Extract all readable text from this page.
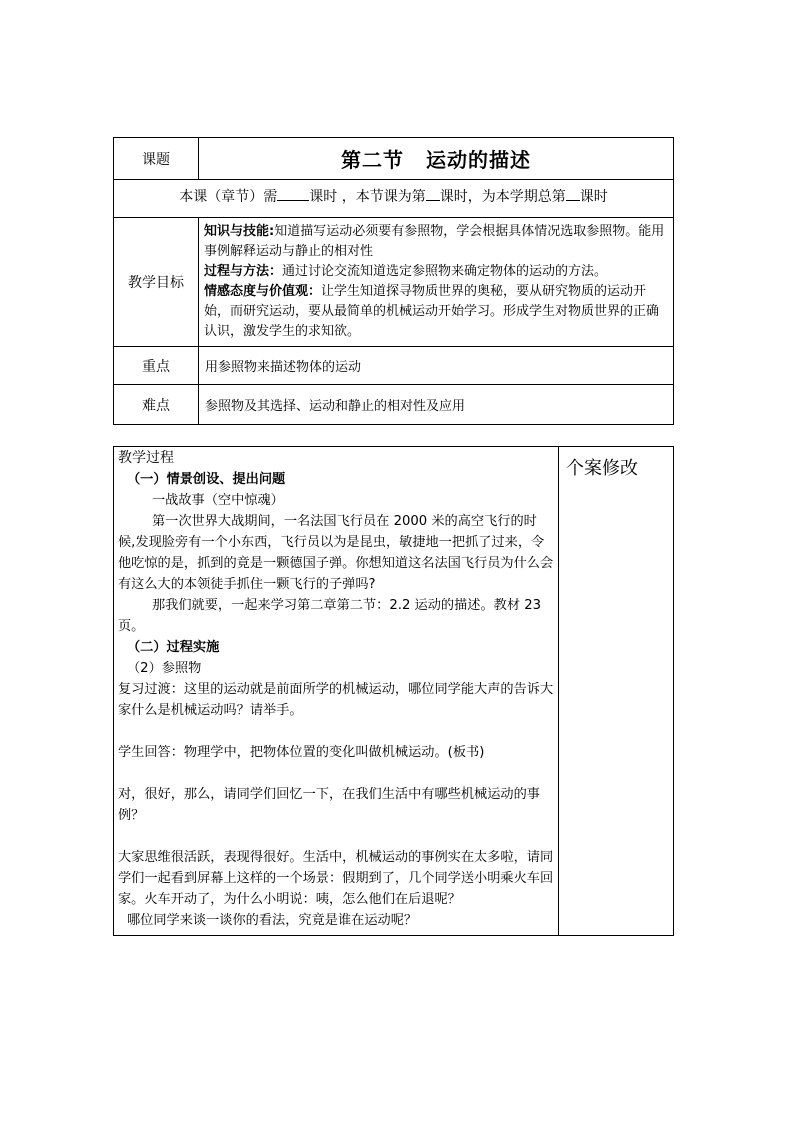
课题	第二节 运动的描述
本课（章节）需 课时 ，本节课为第 课时，为本学期总第 课时	
教学目标	知识与技能:知道描写运动必须要有参照物，学会根据具体情况选取参照物。能用事例解释运动与静止的相对性
过程与方法：通过讨论交流知道选定参照物来确定物体的运动的方法。
情感态度与价值观：让学生知道探寻物质世界的奥秘，要从研究物质的运动开始，而研究运动，要从最简单的机械运动开始学习。形成学生对物质世界的正确认识，激发学生的求知欲。

重点	用参照物来描述物体的运动
难点	参照物及其选择、运动和静止的相对性及应用

教学过程

（一）情景创设、提出问题

一战故事（空中惊魂）

第一次世界大战期间，一名法国飞行员在 2000 米的高空飞行的时候,发现脸旁有一个小东西，飞行员以为是昆虫，敏捷地一把抓了过来，令他吃惊的是，抓到的竟是一颗德国子弹。你想知道这名法国飞行员为什么会有这么大的本领徒手抓住一颗飞行的子弹吗?

那我们就要，一起来学习第二章第二节：2.2 运动的描述。教材 23 页。

（二）过程实施

（2）参照物

复习过渡：这里的运动就是前面所学的机械运动，哪位同学能大声的告诉大家什么是机械运动吗？请举手。

学生回答：物理学中，把物体位置的变化叫做机械运动。(板书)

对，很好，那么，请同学们回忆一下，在我们生活中有哪些机械运动的事例？

大家思维很活跃，表现得很好。生活中，机械运动的事例实在太多啦，请同学们一起看到屏幕上这样的一个场景：假期到了，几个同学送小明乘火车回家。火车开动了，为什么小明说：咦，怎么他们在后退呢？

哪位同学来谈一谈你的看法，究竟是谁在运动呢？

	个案修改
